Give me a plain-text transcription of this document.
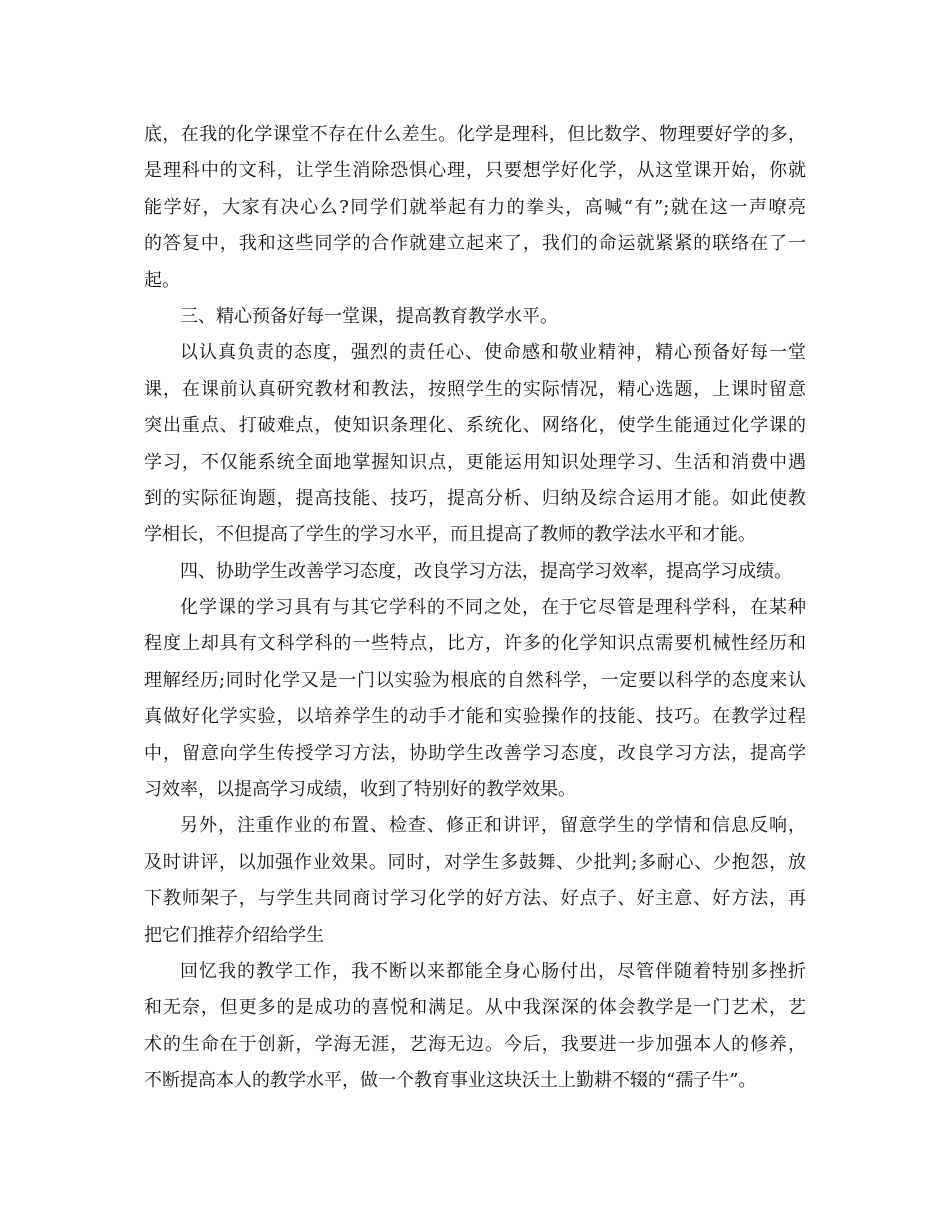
底，在我的化学课堂不存在什么差生。化学是理科，但比数学、物理要好学的多，
是理科中的文科，让学生消除恐惧心理，只要想学好化学，从这堂课开始，你就
能学好，大家有决心么?同学们就举起有力的拳头，高喊“有”;就在这一声嘹亮
的答复中，我和这些同学的合作就建立起来了，我们的命运就紧紧的联络在了一
起。
三、精心预备好每一堂课，提高教育教学水平。
以认真负责的态度，强烈的责任心、使命感和敬业精神，精心预备好每一堂
课，在课前认真研究教材和教法，按照学生的实际情况，精心选题，上课时留意
突出重点、打破难点，使知识条理化、系统化、网络化，使学生能通过化学课的
学习，不仅能系统全面地掌握知识点，更能运用知识处理学习、生活和消费中遇
到的实际征询题，提高技能、技巧，提高分析、归纳及综合运用才能。如此使教
学相长，不但提高了学生的学习水平，而且提高了教师的教学法水平和才能。
四、协助学生改善学习态度，改良学习方法，提高学习效率，提高学习成绩。
化学课的学习具有与其它学科的不同之处，在于它尽管是理科学科，在某种
程度上却具有文科学科的一些特点，比方，许多的化学知识点需要机械性经历和
理解经历;同时化学又是一门以实验为根底的自然科学，一定要以科学的态度来认
真做好化学实验，以培养学生的动手才能和实验操作的技能、技巧。在教学过程
中，留意向学生传授学习方法，协助学生改善学习态度，改良学习方法，提高学
习效率，以提高学习成绩，收到了特别好的教学效果。
另外，注重作业的布置、检查、修正和讲评，留意学生的学情和信息反响，
及时讲评，以加强作业效果。同时，对学生多鼓舞、少批判;多耐心、少抱怨，放
下教师架子，与学生共同商讨学习化学的好方法、好点子、好主意、好方法，再
把它们推荐介绍给学生
回忆我的教学工作，我不断以来都能全身心肠付出，尽管伴随着特别多挫折
和无奈，但更多的是成功的喜悦和满足。从中我深深的体会教学是一门艺术，艺
术的生命在于创新，学海无涯，艺海无边。今后，我要进一步加强本人的修养，
不断提高本人的教学水平，做一个教育事业这块沃土上勤耕不辍的“孺子牛”。
